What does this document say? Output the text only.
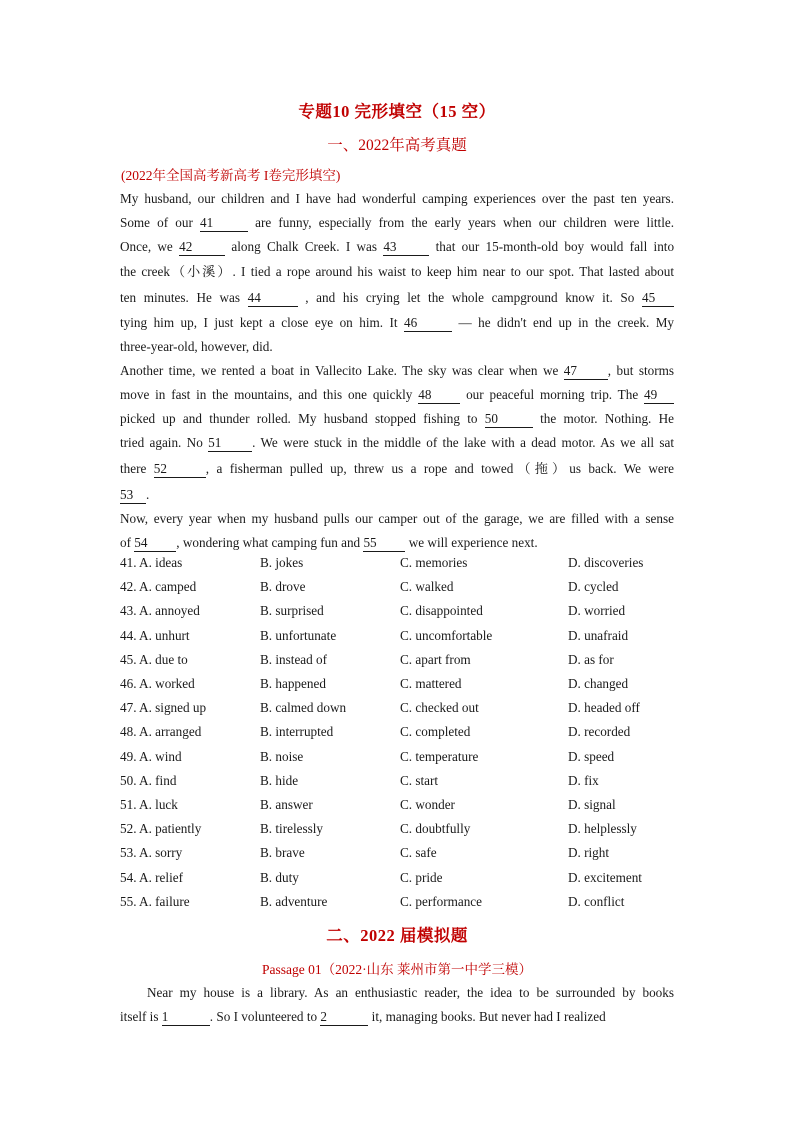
专题10 完形填空（15 空）
一、2022年高考真题
(2022年全国高考新高考 I卷完形填空)
My husband, our children and I have had wonderful camping experiences over the past ten years.
Some of our 41	are funny, especially from the early years when our children were little.
Once, we 42	along Chalk Creek. I was 43	that our 15-month-old boy would fall into
the creek（小溪）. I tied a rope around his waist to keep him near to our spot. That lasted about
ten minutes. He was 44	, and his crying let the whole campground know it. So 45
tying him up, I just kept a close eye on him. It 46	— he didn't end up in the creek. My
three-year-old, however, did.
Another time, we rented a boat in Vallecito Lake. The sky was clear when we 47 , but storms
move in fast in the mountains, and this one quickly 48	our peaceful morning trip. The 49
picked up and thunder rolled. My husband stopped fishing to 50	the motor. Nothing. He
tried again. No 51 . We were stuck in the middle of the lake with a dead motor. As we all sat
there 52	, a fisherman pulled up, threw us a rope and towed（拖）us back. We were
53 .
Now, every year when my husband pulls our camper out of the garage, we are filled with a sense
of 54 , wondering what camping fun and 55 we will experience next.
41. A. ideas	B. jokes	C. memories	D. discoveries
42. A. camped	B. drove	C. walked	D. cycled
43. A. annoyed	B. surprised	C. disappointed	D. worried
44. A. unhurt	B. unfortunate	C. uncomfortable	D. unafraid
45. A. due to	B. instead of	C. apart from	D. as for
46. A. worked	B. happened	C. mattered	D. changed
47. A. signed up	B. calmed down	C. checked out	D. headed off
48. A. arranged	B. interrupted	C. completed	D. recorded
49. A. wind	B. noise	C. temperature	D. speed
50. A. find	B. hide	C. start	D. fix
51. A. luck	B. answer	C. wonder	D. signal
52. A. patiently	B. tirelessly	C. doubtfully	D. helplessly
53. A. sorry	B. brave	C. safe	D. right
54. A. relief	B. duty	C. pride	D. excitement
55. A. failure	B. adventure	C. performance	D. conflict
二、2022 届模拟题
Passage 01（2022·山东 莱州市第一中学三模）
Near my house is a library. As an enthusiastic reader, the idea to be surrounded by books
itself is 1	. So I volunteered to 2	it, managing books. But never had I realized
